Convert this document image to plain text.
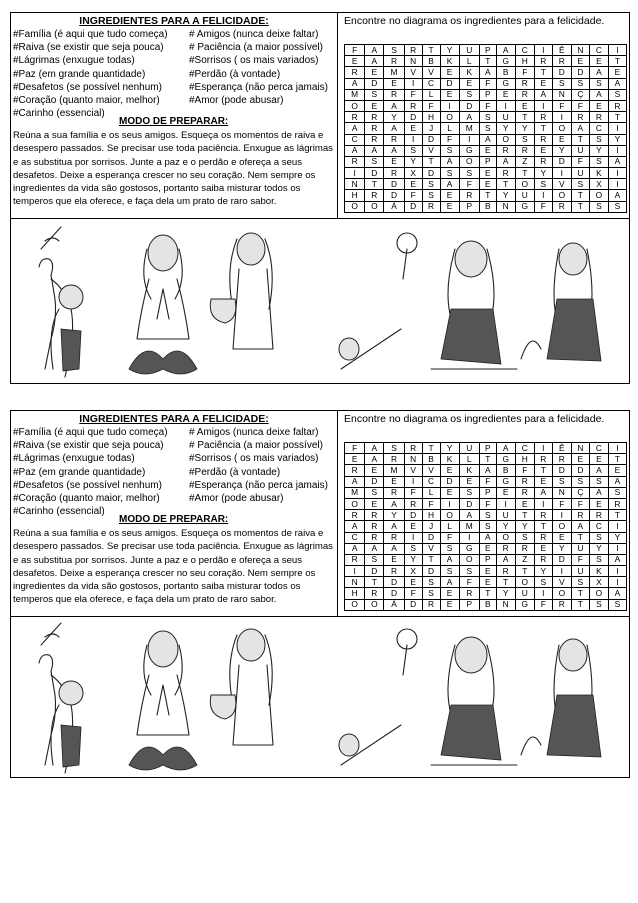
INGREDIENTES PARA A FELICIDADE:
#Família (é aqui que tudo começa) # Amigos (nunca deixe faltar)
#Raiva (se existir que seja pouca)	# Paciência (a maior possível)
#Lágrimas (enxugue todas)	#Sorrisos ( os mais variados)
#Paz (em grande quantidade)	#Perdão (à vontade)
#Desafetos (se possível nenhum)	#Esperança (não perca jamais)
#Coração (quanto maior, melhor)	#Amor (pode abusar)
#Carinho (essencial)
MODO DE PREPARAR:
Reúna a sua família e os seus amigos. Esqueça os momentos de raiva e desespero passados. Se precisar use toda paciência. Enxugue as lágrimas e as substitua por sorrisos. Junte a paz e o perdão e ofereça a seus desafetos. Deixe a esperança crescer no seu coração. Nem sempre os ingredientes da vida são gostosos, portanto saiba misturar todos os temperos que ela oferece, e faça dela um prato de raro sabor.
Encontre no diagrama os ingredientes para a felicidade.
F	A	S	R	T	Y	U	P	A	C	I	Ê	N	C	I
E	A	R	N	B	K	L	T	G	H	R	R	E	E	T
R	E	M	V	V	E	K	A	B	F	T	D	D	A	E
A	D	E	I	C	D	E	F	G	R	E	S	S	S	A
M	S	R	F	L	E	S	P	E	R	A	N	Ç	A	S
O	E	A	R	F	I	D	F	I	E	I	F	F	E	R
R	R	Y	D	H	O	A	S	U	T	R	I	R	R	T
A	R	A	E	J	L	M	S	Y	Y	T	O	A	C	I
C	R	R	I	D	F	I	A	O	S	R	E	T	S	Y
A	A	A	S	V	S	G	E	R	R	E	Y	U	Y	I
R	S	E	Y	T	A	O	P	A	Z	R	D	F	S	A
I	D	R	X	D	S	S	E	R	T	Y	I	U	K	I
N	T	D	E	S	A	F	E	T	O	S	V	S	X	I
H	R	D	F	S	E	R	T	Y	U	I	O	T	O	A
O	O	Á	D	R	E	P	B	N	G	F	R	T	S	S
INGREDIENTES PARA A FELICIDADE:
#Família (é aqui que tudo começa) # Amigos (nunca deixe faltar)
#Raiva (se existir que seja pouca)	# Paciência (a maior possível)
#Lágrimas (enxugue todas)	#Sorrisos ( os mais variados)
#Paz (em grande quantidade)	#Perdão (à vontade)
#Desafetos (se possível nenhum)	#Esperança (não perca jamais)
#Coração (quanto maior, melhor)	#Amor (pode abusar)
#Carinho (essencial)
MODO DE PREPARAR:
Reúna a sua família e os seus amigos. Esqueça os momentos de raiva e desespero passados. Se precisar use toda paciência. Enxugue as lágrimas e as substitua por sorrisos. Junte a paz e o perdão e ofereça a seus desafetos. Deixe a esperança crescer no seu coração. Nem sempre os ingredientes da vida são gostosos, portanto saiba misturar todos os temperos que ela oferece, e faça dela um prato de raro sabor.
Encontre no diagrama os ingredientes para a felicidade.
F	A	S	R	T	Y	U	P	A	C	I	Ê	N	C	I
E	A	R	N	B	K	L	T	G	H	R	R	E	E	T
R	E	M	V	V	E	K	A	B	F	T	D	D	A	E
A	D	E	I	C	D	E	F	G	R	E	S	S	S	A
M	S	R	F	L	E	S	P	E	R	A	N	Ç	A	S
O	E	A	R	F	I	D	F	I	E	I	F	F	E	R
R	R	Y	D	H	O	A	S	U	T	R	I	R	R	T
A	R	A	E	J	L	M	S	Y	Y	T	O	A	C	I
C	R	R	I	D	F	I	A	O	S	R	E	T	S	Y
A	A	A	S	V	S	G	E	R	R	E	Y	U	Y	I
R	S	E	Y	T	A	O	P	A	Z	R	D	F	S	A
I	D	R	X	D	S	S	E	R	T	Y	I	U	K	I
N	T	D	E	S	A	F	E	T	O	S	V	S	X	I
H	R	D	F	S	E	R	T	Y	U	I	O	T	O	A
O	O	Á	D	R	E	P	B	N	G	F	R	T	S	S
